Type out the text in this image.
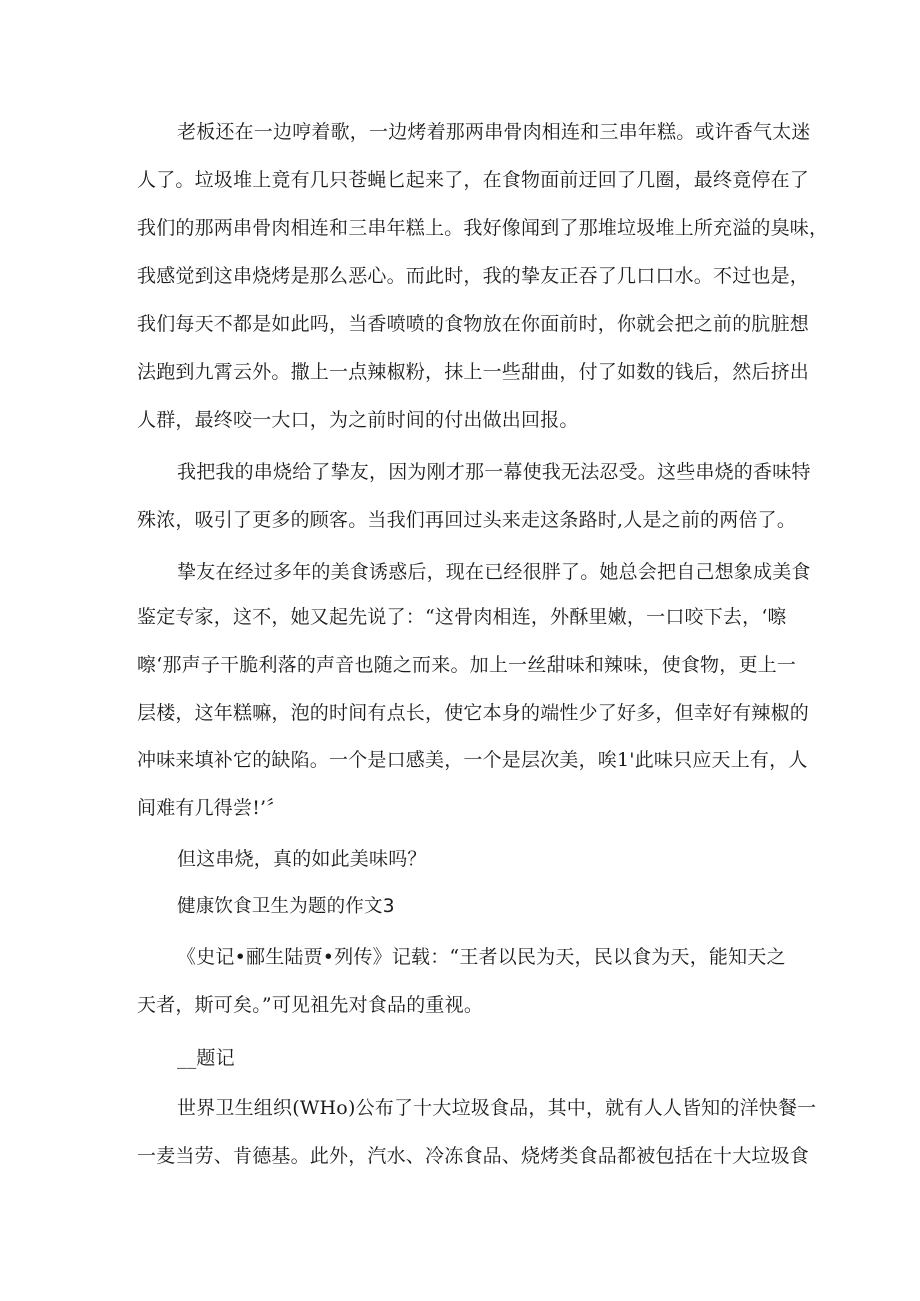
老板还在一边哼着歌，一边烤着那两串骨肉相连和三串年糕。或许香气太迷
人了。垃圾堆上竟有几只苍蝇匕起来了，在食物面前迂回了几圈，最终竟停在了
我们的那两串骨肉相连和三串年糕上。我好像闻到了那堆垃圾堆上所充溢的臭味，
我感觉到这串烧烤是那么恶心。而此时，我的挚友正吞了几口口水。不过也是，
我们每天不都是如此吗，当香喷喷的食物放在你面前时，你就会把之前的肮脏想
法跑到九霄云外。撒上一点辣椒粉，抹上一些甜曲，付了如数的钱后，然后挤出
人群，最终咬一大口，为之前时间的付出做出回报。
我把我的串烧给了挚友，因为刚才那一幕使我无法忍受。这些串烧的香味特
殊浓，吸引了更多的顾客。当我们再回过头来走这条路时,人是之前的两倍了。
挚友在经过多年的美食诱惑后，现在已经很胖了。她总会把自己想象成美食
鉴定专家，这不，她又起先说了：“这骨肉相连，外酥里嫩，一口咬下去，‘嚓
嚓‘那声子干脆利落的声音也随之而来。加上一丝甜味和辣味，使食物，更上一
层楼，这年糕嘛，泡的时间有点长，使它本身的端性少了好多，但幸好有辣椒的
冲味来填补它的缺陷。一个是口感美，一个是层次美，唉1'此味只应天上有，人
间难有几得尝!’〞
但这串烧，真的如此美味吗？
健康饮食卫生为题的作文3
《史记•郦生陆贾•列传》记载：“王者以民为天，民以食为天，能知天之
天者，斯可矣。”可见祖先对食品的重视。
__题记
世界卫生组织(WHo)公布了十大垃圾食品，其中，就有人人皆知的洋快餐一
一麦当劳、肯德基。此外，汽水、冷冻食品、烧烤类食品都被包括在十大垃圾食
